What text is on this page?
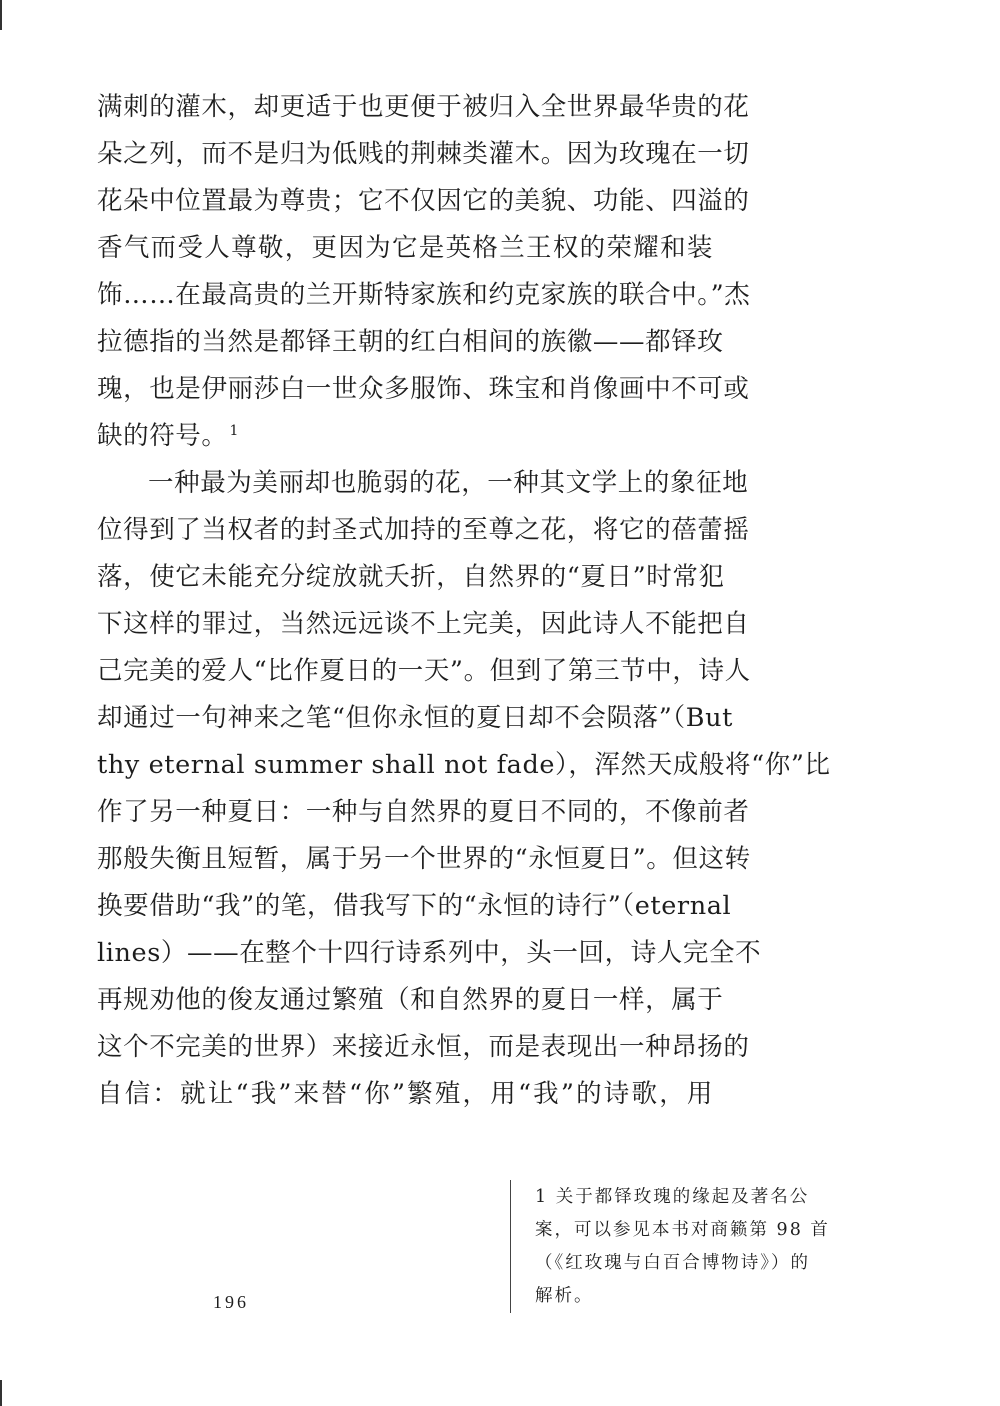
满刺的灌木，却更适于也更便于被归入全世界最华贵的花
朵之列，而不是归为低贱的荆棘类灌木。因为玫瑰在一切
花朵中位置最为尊贵；它不仅因它的美貌、功能、四溢的
香气而受人尊敬，更因为它是英格兰王权的荣耀和装
饰……在最高贵的兰开斯特家族和约克家族的联合中。”杰
拉德指的当然是都铎王朝的红白相间的族徽——都铎玫
瑰，也是伊丽莎白一世众多服饰、珠宝和肖像画中不可或
缺的符号。 $^1$
一种最为美丽却也脆弱的花，一种其文学上的象征地
位得到了当权者的封圣式加持的至尊之花，将它的蓓蕾摇
落，使它未能充分绽放就夭折，自然界的“夏日”时常犯
下这样的罪过，当然远远谈不上完美，因此诗人不能把自
己完美的爱人“比作夏日的一天”。但到了第三节中，诗人
却通过一句神来之笔“但你永恒的夏日却不会陨落”（But
thy eternal summer shall not fade），浑然天成般将“你”比
作了另一种夏日：一种与自然界的夏日不同的，不像前者
那般失衡且短暂，属于另一个世界的“永恒夏日”。但这转
换要借助“我”的笔，借我写下的“永恒的诗行”（eternal
lines）——在整个十四行诗系列中，头一回，诗人完全不
再规劝他的俊友通过繁殖（和自然界的夏日一样，属于
这个不完美的世界）来接近永恒，而是表现出一种昂扬的
自信：就让“我”来替“你”繁殖，用“我”的诗歌，用
196
1 关于都铎玫瑰的缘起及著名公
案，可以参见本书对商籁第 98 首
（《红玫瑰与白百合博物诗》）的
解析。
